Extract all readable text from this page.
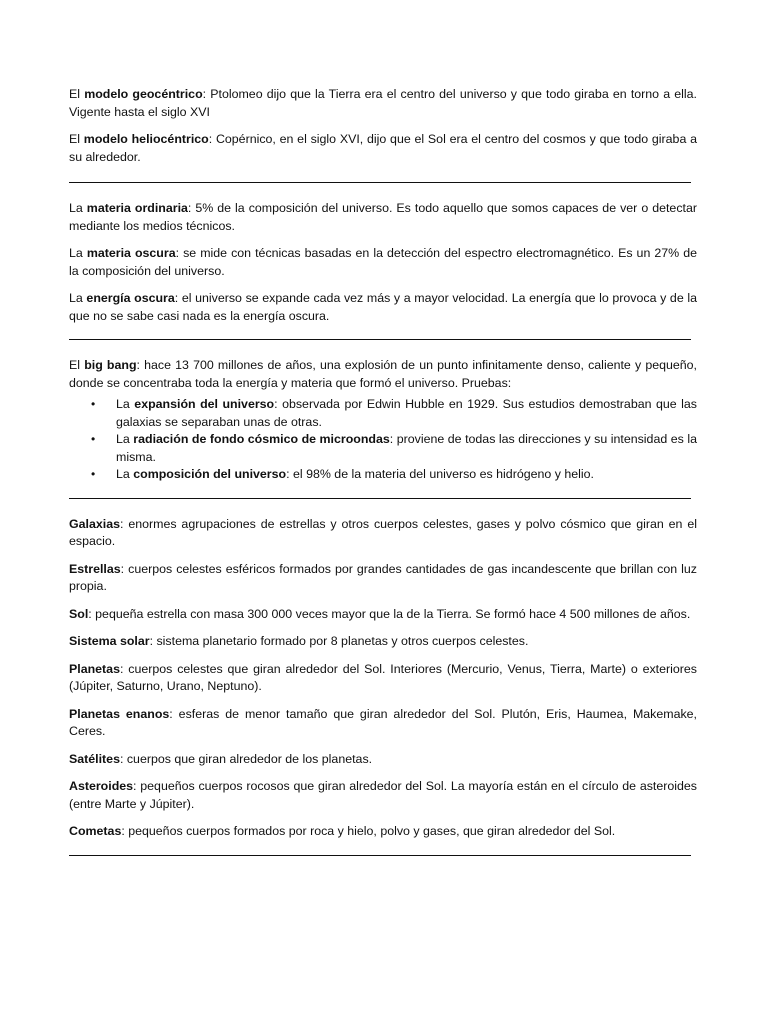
El modelo geocéntrico: Ptolomeo dijo que la Tierra era el centro del universo y que todo giraba en torno a ella. Vigente hasta el siglo XVI

El modelo heliocéntrico: Copérnico, en el siglo XVI, dijo que el Sol era el centro del cosmos y que todo giraba a su alrededor.

La materia ordinaria: 5% de la composición del universo. Es todo aquello que somos capaces de ver o detectar mediante los medios técnicos.

La materia oscura: se mide con técnicas basadas en la detección del espectro electromagnético. Es un 27% de la composición del universo.

La energía oscura: el universo se expande cada vez más y a mayor velocidad. La energía que lo provoca y de la que no se sabe casi nada es la energía oscura.

El big bang: hace 13 700 millones de años, una explosión de un punto infinitamente denso, caliente y pequeño, donde se concentraba toda la energía y materia que formó el universo. Pruebas:

• La expansión del universo: observada por Edwin Hubble en 1929. Sus estudios demostraban que las galaxias se separaban unas de otras.
• La radiación de fondo cósmico de microondas: proviene de todas las direcciones y su intensidad es la misma.
• La composición del universo: el 98% de la materia del universo es hidrógeno y helio.

Galaxias: enormes agrupaciones de estrellas y otros cuerpos celestes, gases y polvo cósmico que giran en el espacio.

Estrellas: cuerpos celestes esféricos formados por grandes cantidades de gas incandescente que brillan con luz propia.

Sol: pequeña estrella con masa 300 000 veces mayor que la de la Tierra. Se formó hace 4 500 millones de años.

Sistema solar: sistema planetario formado por 8 planetas y otros cuerpos celestes.

Planetas: cuerpos celestes que giran alrededor del Sol. Interiores (Mercurio, Venus, Tierra, Marte) o exteriores (Júpiter, Saturno, Urano, Neptuno).

Planetas enanos: esferas de menor tamaño que giran alrededor del Sol. Plutón, Eris, Haumea, Makemake, Ceres.

Satélites: cuerpos que giran alrededor de los planetas.

Asteroides: pequeños cuerpos rocosos que giran alrededor del Sol. La mayoría están en el círculo de asteroides (entre Marte y Júpiter).

Cometas: pequeños cuerpos formados por roca y hielo, polvo y gases, que giran alrededor del Sol.
